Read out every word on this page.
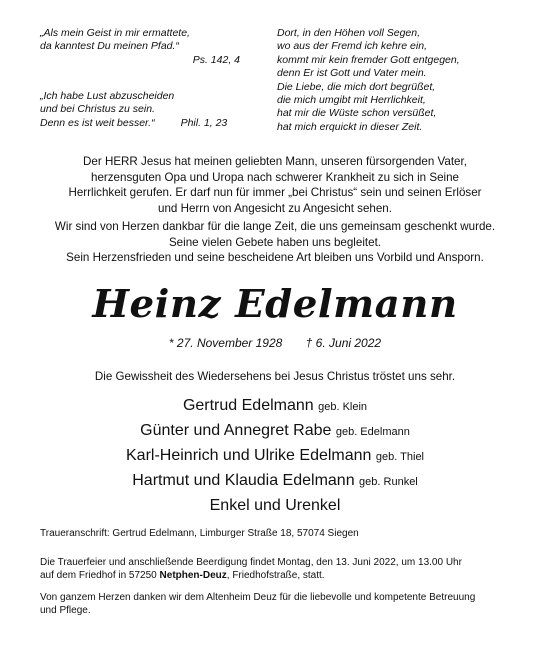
„Als mein Geist in mir ermattete,
da kanntest Du meinen Pfad.“
Ps. 142, 4
„Ich habe Lust abzuscheiden
und bei Christus zu sein.
Denn es ist weit besser.“ Phil. 1, 23
Dort, in den Höhen voll Segen,
wo aus der Fremd ich kehre ein,
kommt mir kein fremder Gott entgegen,
denn Er ist Gott und Vater mein.
Die Liebe, die mich dort begrüßet,
die mich umgibt mit Herrlichkeit,
hat mir die Wüste schon versüßet,
hat mich erquickt in dieser Zeit.
Der HERR Jesus hat meinen geliebten Mann, unseren fürsorgenden Vater,
herzensguten Opa und Uropa nach schwerer Krankheit zu sich in Seine
Herrlichkeit gerufen. Er darf nun für immer „bei Christus“ sein und seinen Erlöser
und Herrn von Angesicht zu Angesicht sehen.
Wir sind von Herzen dankbar für die lange Zeit, die uns gemeinsam geschenkt wurde.
Seine vielen Gebete haben uns begleitet.
Sein Herzensfrieden und seine bescheidene Art bleiben uns Vorbild und Ansporn.
Heinz Edelmann
* 27. November 1928 † 6. Juni 2022
Die Gewissheit des Wiedersehens bei Jesus Christus tröstet uns sehr.
Gertrud Edelmann geb. Klein
Günter und Annegret Rabe geb. Edelmann
Karl-Heinrich und Ulrike Edelmann geb. Thiel
Hartmut und Klaudia Edelmann geb. Runkel
Enkel und Urenkel
Traueranschrift: Gertrud Edelmann, Limburger Straße 18, 57074 Siegen
Die Trauerfeier und anschließende Beerdigung findet Montag, den 13. Juni 2022, um 13.00 Uhr
auf dem Friedhof in 57250 Netphen-Deuz, Friedhofstraße, statt.
Von ganzem Herzen danken wir dem Altenheim Deuz für die liebevolle und kompetente Betreuung
und Pflege.
